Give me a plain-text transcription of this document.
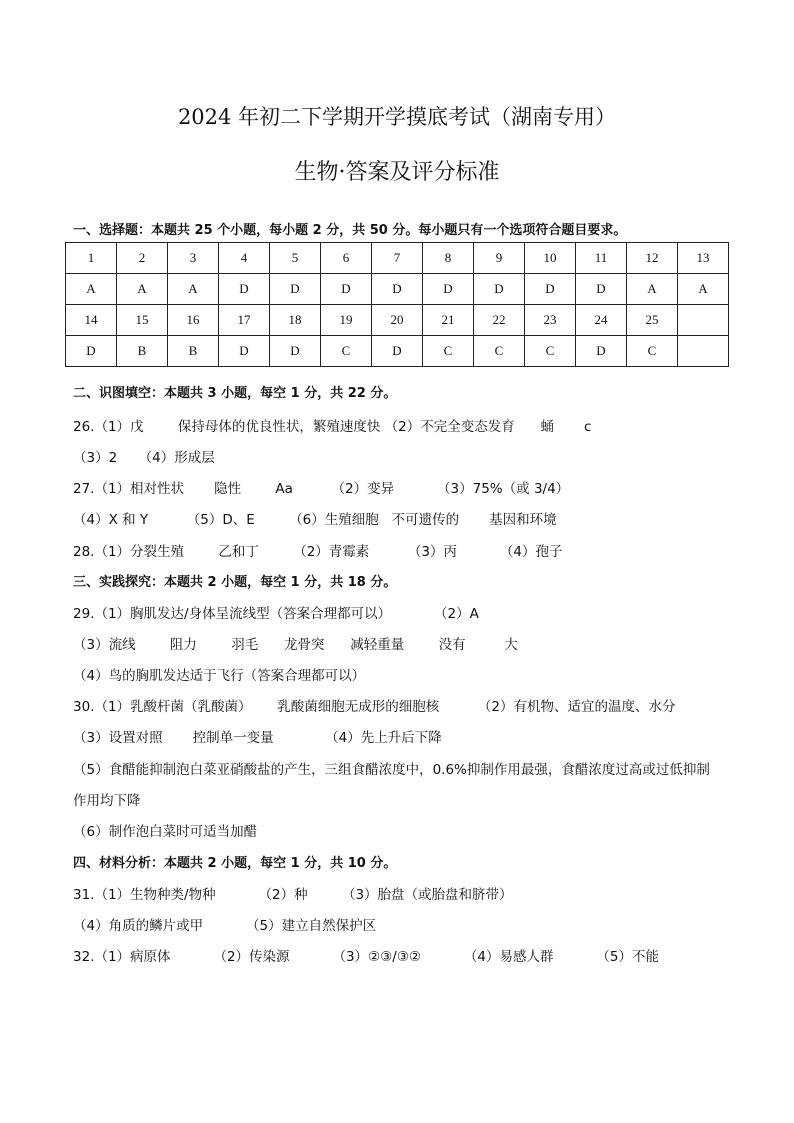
2024 年初二下学期开学摸底考试（湖南专用）
生物·答案及评分标准
一、选择题：本题共 25 个小题，每小题 2 分，共 50 分。每小题只有一个选项符合题目要求。
1	2	3	4	5	6	7	8	9	10	11	12	13
A	A	A	D	D	D	D	D	D	D	D	A	A
14	15	16	17	18	19	20	21	22	23	24	25	
D	B	B	D	D	C	D	C	C	C	D	C	
二、识图填空：本题共 3 小题，每空 1 分，共 22 分。
26.（1）戊        保持母体的优良性状，繁殖速度快 （2）不完全变态发育      蛹       c
（3）2     （4）形成层
27.（1）相对性状       隐性        Aa         （2）变异          （3）75%（或 3/4）
（4）X 和 Y         （5）D、E        （6）生殖细胞   不可遗传的       基因和环境
28.（1）分裂生殖        乙和丁        （2）青霉素         （3）丙          （4）孢子
三、实践探究：本题共 2 小题，每空 1 分，共 18 分。
29.（1）胸肌发达/身体呈流线型（答案合理都可以）          （2）A
（3）流线        阻力        羽毛      龙骨突      减轻重量        没有         大
（4）鸟的胸肌发达适于飞行（答案合理都可以）
30.（1）乳酸杆菌（乳酸菌）      乳酸菌细胞无成形的细胞核         （2）有机物、适宜的温度、水分
（3）设置对照       控制单一变量            （4）先上升后下降
（5）食醋能抑制泡白菜亚硝酸盐的产生，三组食醋浓度中，0.6%抑制作用最强，食醋浓度过高或过低抑制
作用均下降
（6）制作泡白菜时可适当加醋
四、材料分析：本题共 2 小题，每空 1 分，共 10 分。
31.（1）生物种类/物种          （2）种        （3）胎盘（或胎盘和脐带）
（4）角质的鳞片或甲          （5）建立自然保护区
32.（1）病原体          （2）传染源          （3）②③/③②          （4）易感人群          （5）不能
